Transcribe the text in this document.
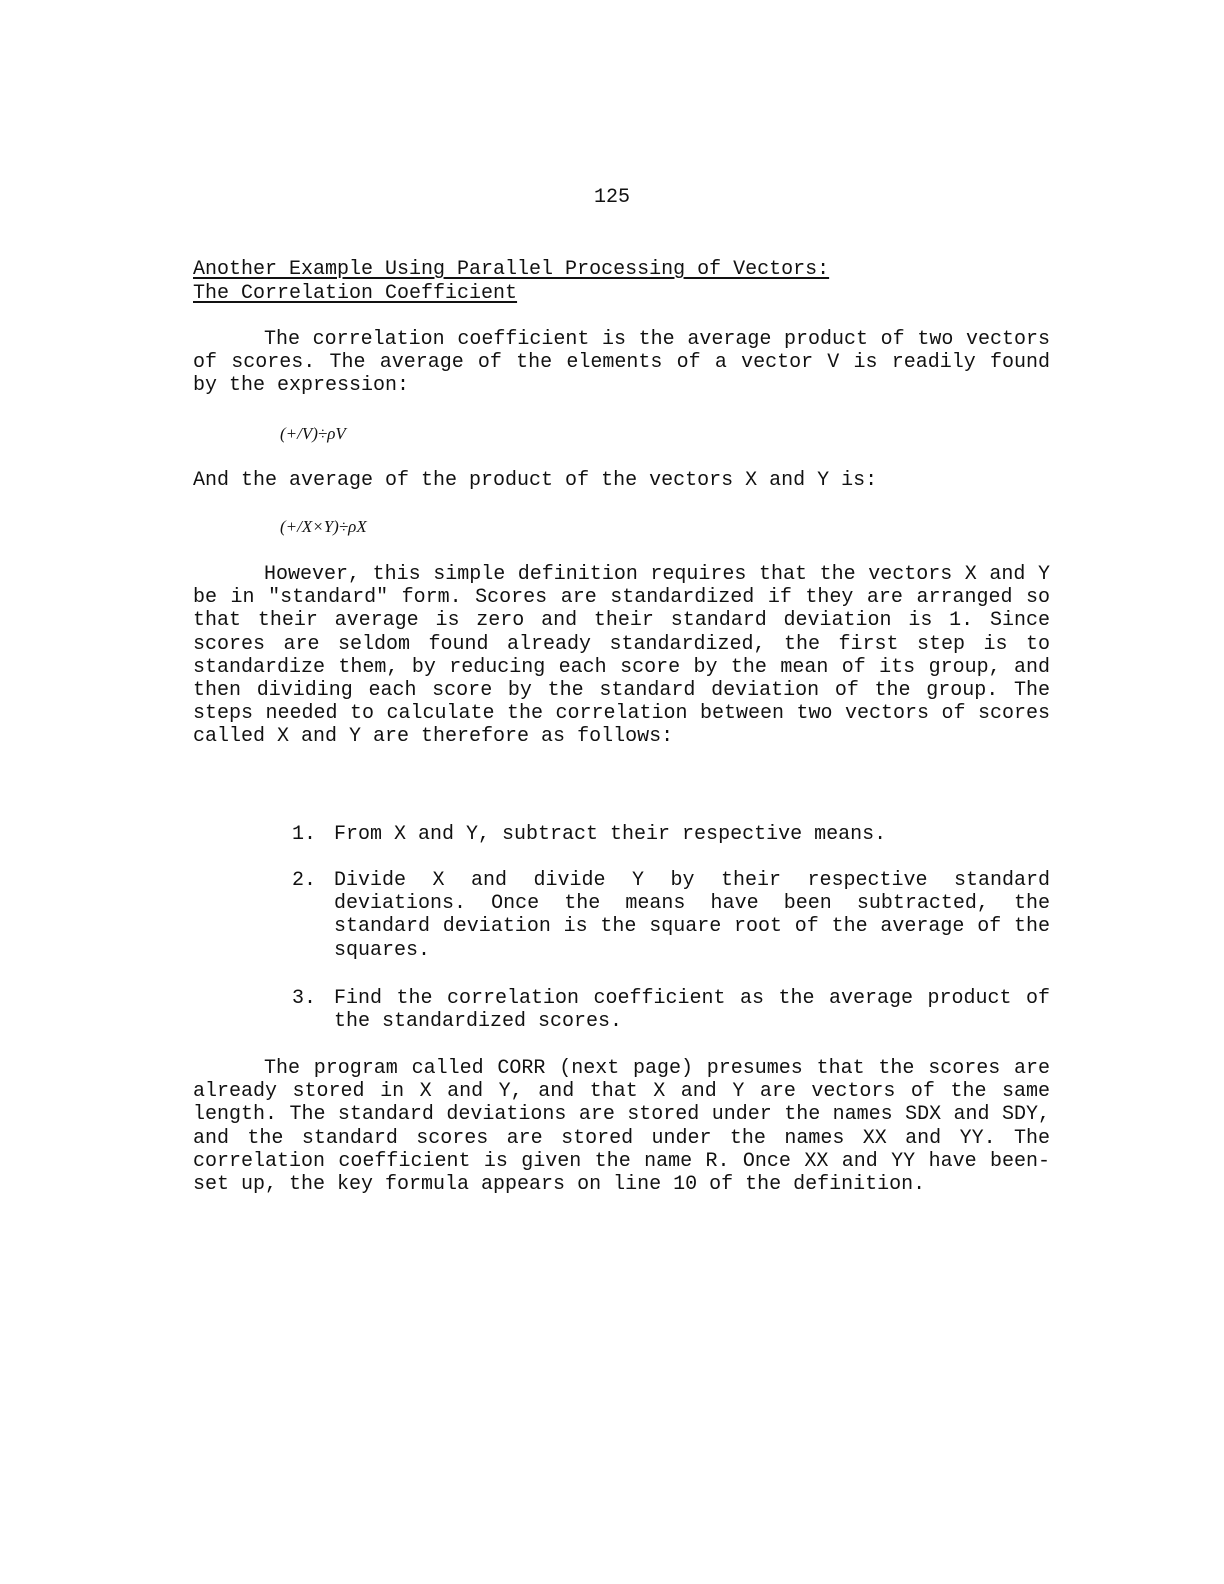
125
Another Example Using Parallel Processing of Vectors:
The Correlation Coefficient

The correlation coefficient is the average product of two vectors of scores. The average of the elements of a vector V is readily found by the expression:

(+/V)÷ρV

And the average of the product of the vectors X and Y is:

(+/X×Y)÷ρX

However, this simple definition requires that the vectors X and Y be in "standard" form. Scores are standardized if they are arranged so that their average is zero and their standard deviation is 1. Since scores are seldom found already standardized, the first step is to standardize them, by reducing each score by the mean of its group, and then dividing each score by the standard deviation of the group. The steps needed to calculate the correlation between two vectors of scores called X and Y are therefore as follows:

1. From X and Y, subtract their respective means.
2. Divide X and divide Y by their respective standard deviations. Once the means have been subtracted, the standard deviation is the square root of the average of the squares.
3. Find the correlation coefficient as the average product of the standardized scores.

The program called CORR (next page) presumes that the scores are already stored in X and Y, and that X and Y are vectors of the same length. The standard deviations are stored under the names SDX and SDY, and the standard scores are stored under the names XX and YY. The correlation coefficient is given the name R. Once XX and YY have been-set up, the key formula appears on line 10 of the definition.
